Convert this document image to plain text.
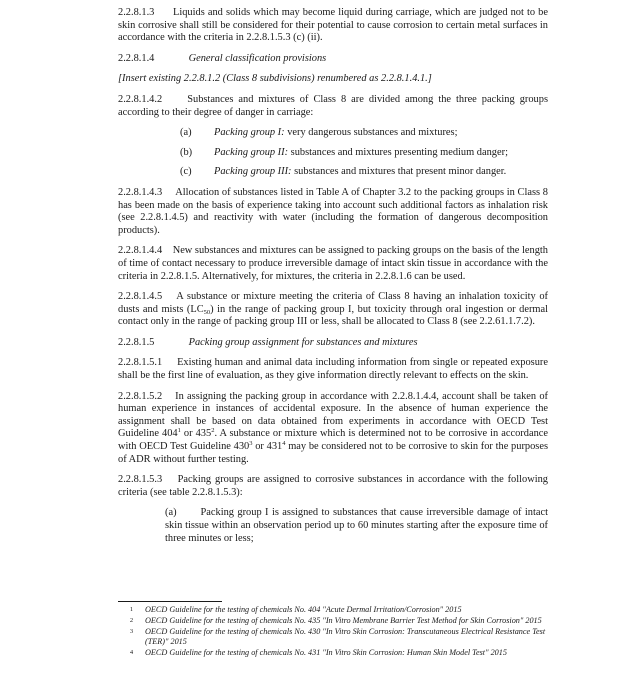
2.2.8.1.3 Liquids and solids which may become liquid during carriage, which are judged not to be skin corrosive shall still be considered for their potential to cause corrosion to certain metal surfaces in accordance with the criteria in 2.2.8.1.5.3 (c) (ii).

2.2.8.1.4	General classification provisions

[Insert existing 2.2.8.1.2 (Class 8 subdivisions) renumbered as 2.2.8.1.4.1.]

2.2.8.1.4.2 Substances and mixtures of Class 8 are divided among the three packing groups according to their degree of danger in carriage:

(a)	Packing group I: very dangerous substances and mixtures;
(b)	Packing group II: substances and mixtures presenting medium danger;
(c)	Packing group III: substances and mixtures that present minor danger.

2.2.8.1.4.3 Allocation of substances listed in Table A of Chapter 3.2 to the packing groups in Class 8 has been made on the basis of experience taking into account such additional factors as inhalation risk (see 2.2.8.1.4.5) and reactivity with water (including the formation of dangerous decomposition products).

2.2.8.1.4.4 New substances and mixtures can be assigned to packing groups on the basis of the length of time of contact necessary to produce irreversible damage of intact skin tissue in accordance with the criteria in 2.2.8.1.5. Alternatively, for mixtures, the criteria in 2.2.8.1.6 can be used.

2.2.8.1.4.5 A substance or mixture meeting the criteria of Class 8 having an inhalation toxicity of dusts and mists $(LC_{50})$ in the range of packing group I, but toxicity through oral ingestion or dermal contact only in the range of packing group III or less, shall be allocated to Class 8 (see 2.2.61.1.7.2).

2.2.8.1.5	Packing group assignment for substances and mixtures

2.2.8.1.5.1 Existing human and animal data including information from single or repeated exposure shall be the first line of evaluation, as they give information directly relevant to effects on the skin.

2.2.8.1.5.2 In assigning the packing group in accordance with 2.2.8.1.4.4, account shall be taken of human experience in instances of accidental exposure. In the absence of human experience the assignment shall be based on data obtained from experiments in accordance with OECD Test Guideline $404^1$ or $435^2$. A substance or mixture which is determined not to be corrosive in accordance with OECD Test Guideline $430^3$ or $431^4$ may be considered not to be corrosive to skin for the purposes of ADR without further testing.

2.2.8.1.5.3 Packing groups are assigned to corrosive substances in accordance with the following criteria (see table 2.2.8.1.5.3):

(a) Packing group I is assigned to substances that cause irreversible damage of intact skin tissue within an observation period up to 60 minutes starting after the exposure time of three minutes or less;

1	OECD Guideline for the testing of chemicals No. 404 "Acute Dermal Irritation/Corrosion" 2015
2	OECD Guideline for the testing of chemicals No. 435 "In Vitro Membrane Barrier Test Method for Skin Corrosion" 2015
3	OECD Guideline for the testing of chemicals No. 430 "In Vitro Skin Corrosion: Transcutaneous Electrical Resistance Test (TER)" 2015
4	OECD Guideline for the testing of chemicals No. 431 "In Vitro Skin Corrosion: Human Skin Model Test" 2015
